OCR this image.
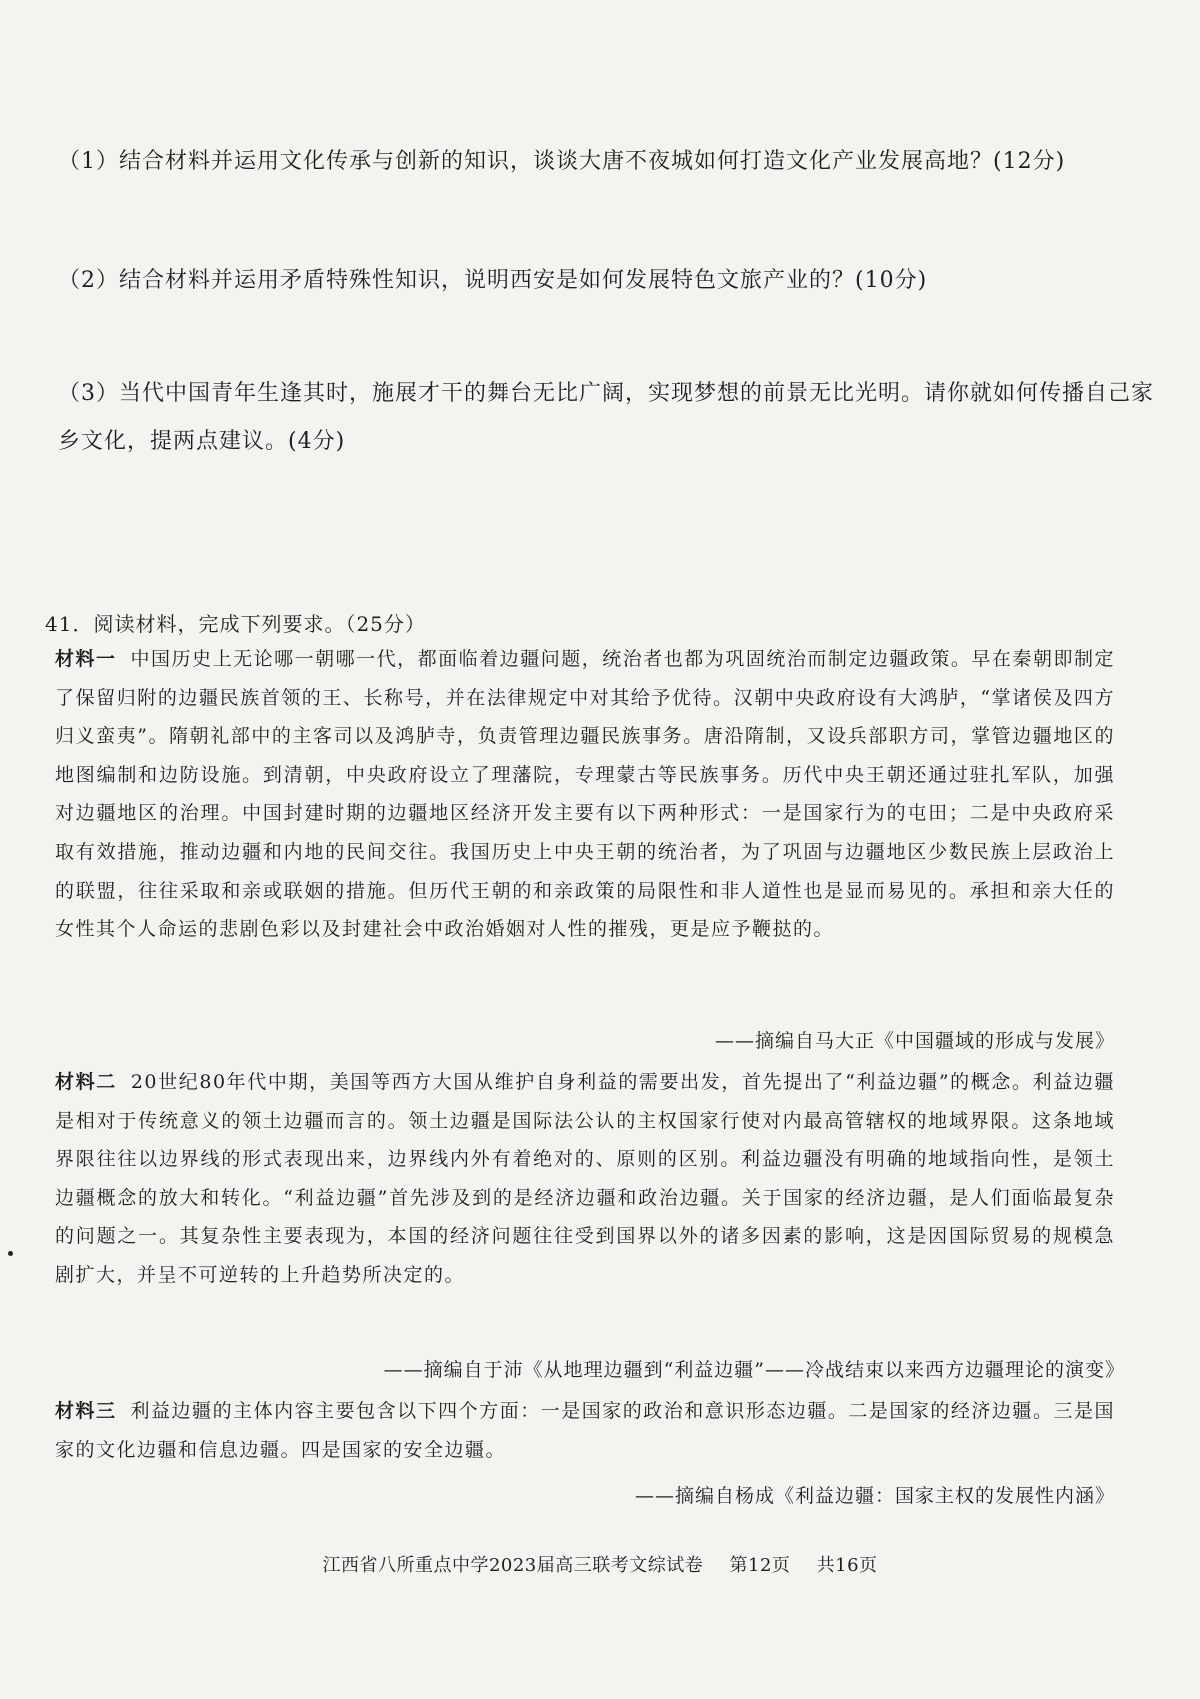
（1）结合材料并运用文化传承与创新的知识，谈谈大唐不夜城如何打造文化产业发展高地？(12分)

（2）结合材料并运用矛盾特殊性知识，说明西安是如何发展特色文旅产业的？(10分)

（3）当代中国青年生逢其时，施展才干的舞台无比广阔，实现梦想的前景无比光明。请你就如何传播自己家乡文化，提两点建议。(4分)

41．阅读材料，完成下列要求。（25分）

材料一 中国历史上无论哪一朝哪一代，都面临着边疆问题，统治者也都为巩固统治而制定边疆政策。早在秦朝即制定了保留归附的边疆民族首领的王、长称号，并在法律规定中对其给予优待。汉朝中央政府设有大鸿胪，“掌诸侯及四方归义蛮夷”。隋朝礼部中的主客司以及鸿胪寺，负责管理边疆民族事务。唐沿隋制，又设兵部职方司，掌管边疆地区的地图编制和边防设施。到清朝，中央政府设立了理藩院，专理蒙古等民族事务。历代中央王朝还通过驻扎军队，加强对边疆地区的治理。中国封建时期的边疆地区经济开发主要有以下两种形式：一是国家行为的屯田；二是中央政府采取有效措施，推动边疆和内地的民间交往。我国历史上中央王朝的统治者，为了巩固与边疆地区少数民族上层政治上的联盟，往往采取和亲或联姻的措施。但历代王朝的和亲政策的局限性和非人道性也是显而易见的。承担和亲大任的女性其个人命运的悲剧色彩以及封建社会中政治婚姻对人性的摧残，更是应予鞭挞的。

——摘编自马大正《中国疆域的形成与发展》

材料二 20世纪80年代中期，美国等西方大国从维护自身利益的需要出发，首先提出了“利益边疆”的概念。利益边疆是相对于传统意义的领土边疆而言的。领土边疆是国际法公认的主权国家行使对内最高管辖权的地域界限。这条地域界限往往以边界线的形式表现出来，边界线内外有着绝对的、原则的区别。利益边疆没有明确的地域指向性，是领土边疆概念的放大和转化。“利益边疆”首先涉及到的是经济边疆和政治边疆。关于国家的经济边疆，是人们面临最复杂的问题之一。其复杂性主要表现为，本国的经济问题往往受到国界以外的诸多因素的影响，这是因国际贸易的规模急剧扩大，并呈不可逆转的上升趋势所决定的。

——摘编自于沛《从地理边疆到“利益边疆”——冷战结束以来西方边疆理论的演变》

材料三 利益边疆的主体内容主要包含以下四个方面：一是国家的政治和意识形态边疆。二是国家的经济边疆。三是国家的文化边疆和信息边疆。四是国家的安全边疆。

——摘编自杨成《利益边疆：国家主权的发展性内涵》

江西省八所重点中学2023届高三联考文综试卷 第12页 共16页
